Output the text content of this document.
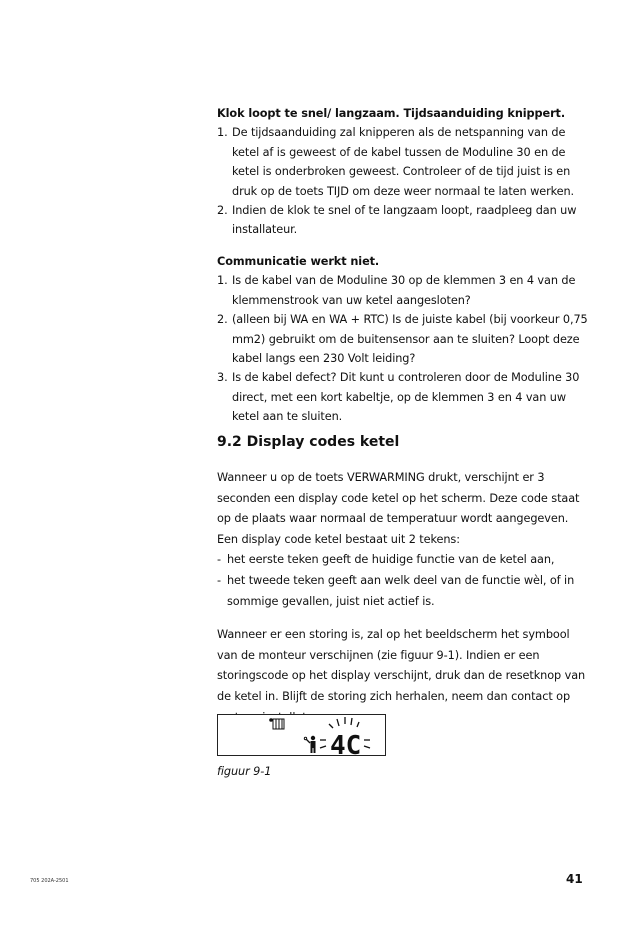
Klok loopt te snel/ langzaam. Tijdsaanduiding knippert.
1. De tijdsaanduiding zal knipperen als de netspanning van de ketel af is geweest of de kabel tussen de Moduline 30 en de ketel is onderbroken geweest. Controleer of de tijd juist is en druk op de toets TIJD om deze weer normaal te laten werken.
2. Indien de klok te snel of te langzaam loopt, raadpleeg dan uw installateur.
Communicatie werkt niet.
1. Is de kabel van de Moduline 30 op de klemmen 3 en 4 van de klemmenstrook van uw ketel aangesloten?
2. (alleen bij WA en WA + RTC) Is de juiste kabel (bij voorkeur 0,75 mm2) gebruikt om de buitensensor aan te sluiten? Loopt deze kabel langs een 230 Volt leiding?
3. Is de kabel defect? Dit kunt u controleren door de Moduline 30 direct, met een kort kabeltje, op de klemmen 3 en 4 van uw ketel aan te sluiten.
9.2 Display codes ketel
Wanneer u op de toets VERWARMING drukt, verschijnt er 3 seconden een display code ketel op het scherm. Deze code staat op de plaats waar normaal de temperatuur wordt aangegeven. Een display code ketel bestaat uit 2 tekens:
- het eerste teken geeft de huidige functie van de ketel aan,
- het tweede teken geeft aan welk deel van de functie wèl, of in sommige gevallen, juist niet actief is.
Wanneer er een storing is, zal op het beeldscherm het symbool van de monteur verschijnen (zie figuur 9-1). Indien er een storingscode op het display verschijnt, druk dan de resetknop van de ketel in. Blijft de storing zich herhalen, neem dan contact op
4C
figuur 9-1
705 202A-2501	41
